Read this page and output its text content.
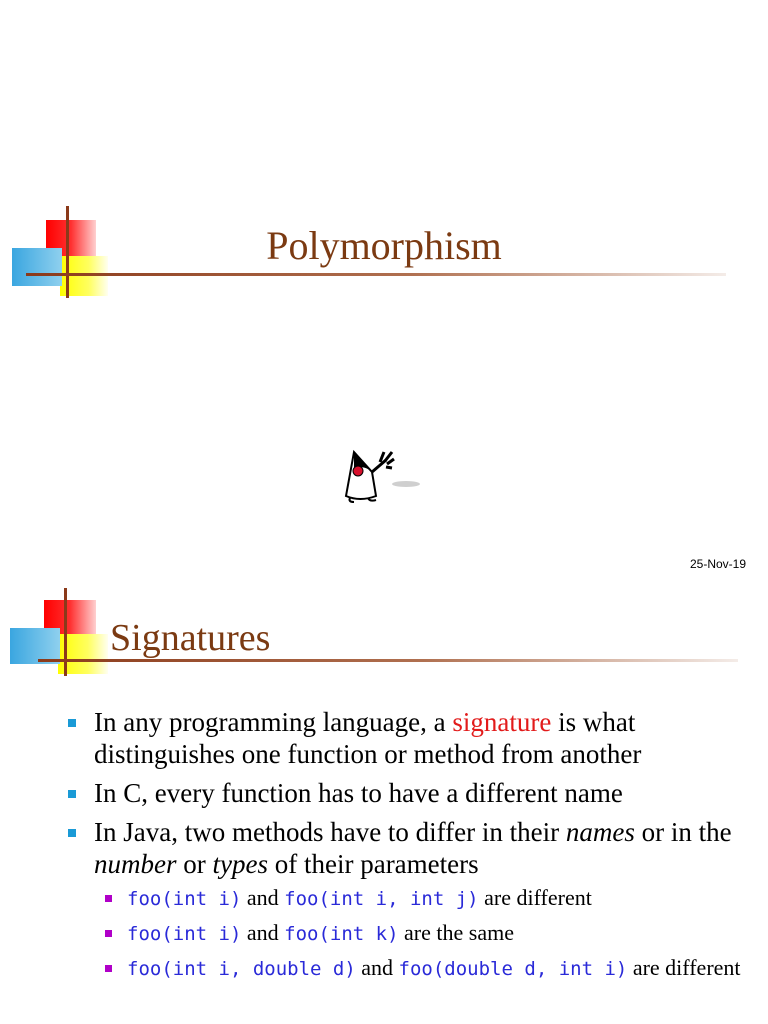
Polymorphism
25-Nov-19
Signatures
In any programming language, a signature is what distinguishes one function or method from another
In C, every function has to have a different name
In Java, two methods have to differ in their names or in the number or types of their parameters
foo(int i) and foo(int i, int j) are different
foo(int i) and foo(int k) are the same
foo(int i, double d) and foo(double d, int i) are different
